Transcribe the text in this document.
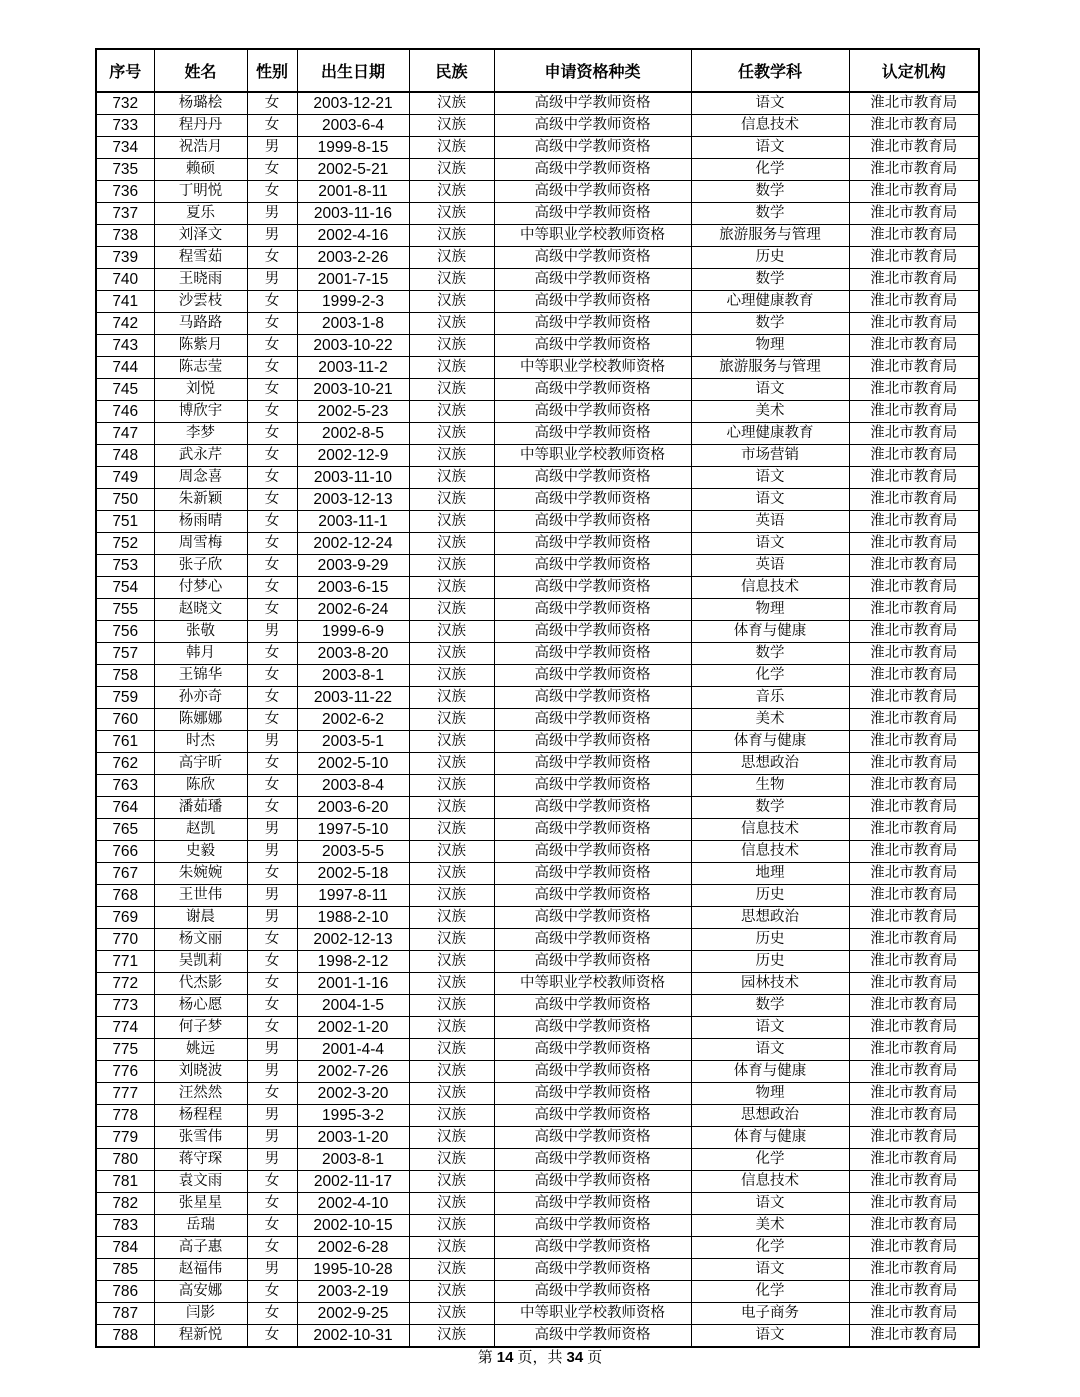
序号	姓名	性别	出生日期	民族	申请资格种类	任教学科	认定机构
732	杨璐桧	女	2003-12-21	汉族	高级中学教师资格	语文	淮北市教育局
733	程丹丹	女	2003-6-4	汉族	高级中学教师资格	信息技术	淮北市教育局
734	祝浩月	男	1999-8-15	汉族	高级中学教师资格	语文	淮北市教育局
735	赖硕	女	2002-5-21	汉族	高级中学教师资格	化学	淮北市教育局
736	丁明悦	女	2001-8-11	汉族	高级中学教师资格	数学	淮北市教育局
737	夏乐	男	2003-11-16	汉族	高级中学教师资格	数学	淮北市教育局
738	刘泽文	男	2002-4-16	汉族	中等职业学校教师资格	旅游服务与管理	淮北市教育局
739	程雪茹	女	2003-2-26	汉族	高级中学教师资格	历史	淮北市教育局
740	王晓雨	男	2001-7-15	汉族	高级中学教师资格	数学	淮北市教育局
741	沙雲枝	女	1999-2-3	汉族	高级中学教师资格	心理健康教育	淮北市教育局
742	马路路	女	2003-1-8	汉族	高级中学教师资格	数学	淮北市教育局
743	陈紫月	女	2003-10-22	汉族	高级中学教师资格	物理	淮北市教育局
744	陈志莹	女	2003-11-2	汉族	中等职业学校教师资格	旅游服务与管理	淮北市教育局
745	刘悦	女	2003-10-21	汉族	高级中学教师资格	语文	淮北市教育局
746	博欣宇	女	2002-5-23	汉族	高级中学教师资格	美术	淮北市教育局
747	李梦	女	2002-8-5	汉族	高级中学教师资格	心理健康教育	淮北市教育局
748	武永芹	女	2002-12-9	汉族	中等职业学校教师资格	市场营销	淮北市教育局
749	周念喜	女	2003-11-10	汉族	高级中学教师资格	语文	淮北市教育局
750	朱新颖	女	2003-12-13	汉族	高级中学教师资格	语文	淮北市教育局
751	杨雨晴	女	2003-11-1	汉族	高级中学教师资格	英语	淮北市教育局
752	周雪梅	女	2002-12-24	汉族	高级中学教师资格	语文	淮北市教育局
753	张子欣	女	2003-9-29	汉族	高级中学教师资格	英语	淮北市教育局
754	付梦心	女	2003-6-15	汉族	高级中学教师资格	信息技术	淮北市教育局
755	赵晓文	女	2002-6-24	汉族	高级中学教师资格	物理	淮北市教育局
756	张敬	男	1999-6-9	汉族	高级中学教师资格	体育与健康	淮北市教育局
757	韩月	女	2003-8-20	汉族	高级中学教师资格	数学	淮北市教育局
758	王锦华	女	2003-8-1	汉族	高级中学教师资格	化学	淮北市教育局
759	孙亦奇	女	2003-11-22	汉族	高级中学教师资格	音乐	淮北市教育局
760	陈娜娜	女	2002-6-2	汉族	高级中学教师资格	美术	淮北市教育局
761	时杰	男	2003-5-1	汉族	高级中学教师资格	体育与健康	淮北市教育局
762	高宇昕	女	2002-5-10	汉族	高级中学教师资格	思想政治	淮北市教育局
763	陈欣	女	2003-8-4	汉族	高级中学教师资格	生物	淮北市教育局
764	潘茹璠	女	2003-6-20	汉族	高级中学教师资格	数学	淮北市教育局
765	赵凯	男	1997-5-10	汉族	高级中学教师资格	信息技术	淮北市教育局
766	史毅	男	2003-5-5	汉族	高级中学教师资格	信息技术	淮北市教育局
767	朱婉婉	女	2002-5-18	汉族	高级中学教师资格	地理	淮北市教育局
768	王世伟	男	1997-8-11	汉族	高级中学教师资格	历史	淮北市教育局
769	谢晨	男	1988-2-10	汉族	高级中学教师资格	思想政治	淮北市教育局
770	杨文丽	女	2002-12-13	汉族	高级中学教师资格	历史	淮北市教育局
771	吴凯莉	女	1998-2-12	汉族	高级中学教师资格	历史	淮北市教育局
772	代杰影	女	2001-1-16	汉族	中等职业学校教师资格	园林技术	淮北市教育局
773	杨心愿	女	2004-1-5	汉族	高级中学教师资格	数学	淮北市教育局
774	何子梦	女	2002-1-20	汉族	高级中学教师资格	语文	淮北市教育局
775	姚远	男	2001-4-4	汉族	高级中学教师资格	语文	淮北市教育局
776	刘晓波	男	2002-7-26	汉族	高级中学教师资格	体育与健康	淮北市教育局
777	汪然然	女	2002-3-20	汉族	高级中学教师资格	物理	淮北市教育局
778	杨程程	男	1995-3-2	汉族	高级中学教师资格	思想政治	淮北市教育局
779	张雪伟	男	2003-1-20	汉族	高级中学教师资格	体育与健康	淮北市教育局
780	蒋守琛	男	2003-8-1	汉族	高级中学教师资格	化学	淮北市教育局
781	袁文雨	女	2002-11-17	汉族	高级中学教师资格	信息技术	淮北市教育局
782	张星星	女	2002-4-10	汉族	高级中学教师资格	语文	淮北市教育局
783	岳瑞	女	2002-10-15	汉族	高级中学教师资格	美术	淮北市教育局
784	高子惠	女	2002-6-28	汉族	高级中学教师资格	化学	淮北市教育局
785	赵福伟	男	1995-10-28	汉族	高级中学教师资格	语文	淮北市教育局
786	高安娜	女	2003-2-19	汉族	高级中学教师资格	化学	淮北市教育局
787	闫影	女	2002-9-25	汉族	中等职业学校教师资格	电子商务	淮北市教育局
788	程新悦	女	2002-10-31	汉族	高级中学教师资格	语文	淮北市教育局
第 14 页，共 34 页
